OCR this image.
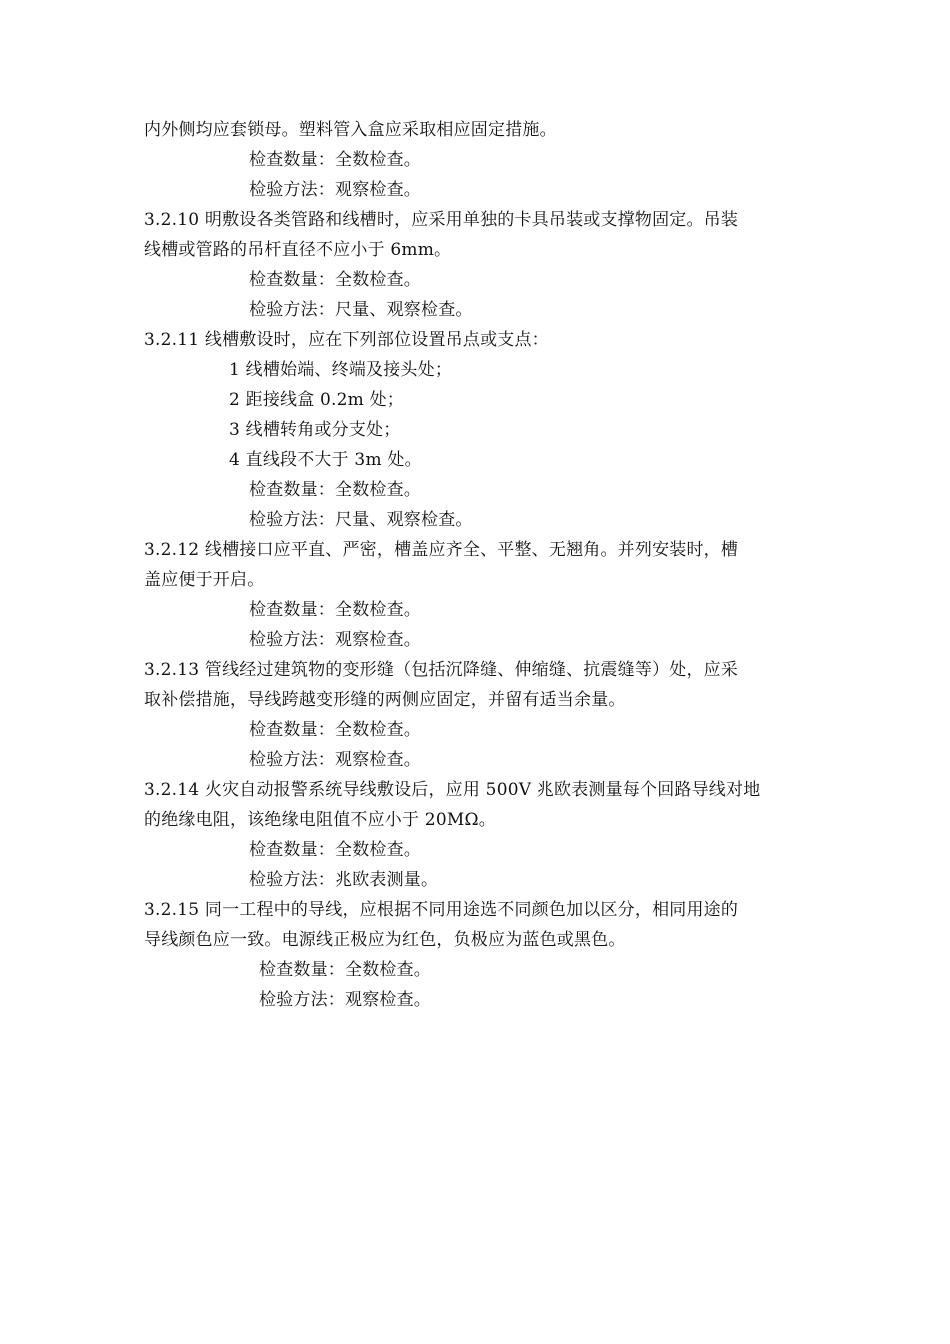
内外侧均应套锁母。塑料管入盒应采取相应固定措施。
检查数量：全数检查。
检验方法：观察检查。
3.2.10 明敷设各类管路和线槽时，应采用单独的卡具吊装或支撑物固定。吊装
线槽或管路的吊杆直径不应小于 6mm。
检查数量：全数检查。
检验方法：尺量、观察检查。
3.2.11 线槽敷设时，应在下列部位设置吊点或支点：
1 线槽始端、终端及接头处；
2 距接线盒 0.2m 处；
3 线槽转角或分支处；
4 直线段不大于 3m 处。
检查数量：全数检查。
检验方法：尺量、观察检查。
3.2.12 线槽接口应平直、严密，槽盖应齐全、平整、无翘角。并列安装时，槽
盖应便于开启。
检查数量：全数检查。
检验方法：观察检查。
3.2.13 管线经过建筑物的变形缝（包括沉降缝、伸缩缝、抗震缝等）处，应采
取补偿措施，导线跨越变形缝的两侧应固定，并留有适当余量。
检查数量：全数检查。
检验方法：观察检查。
3.2.14 火灾自动报警系统导线敷设后，应用 500V 兆欧表测量每个回路导线对地
的绝缘电阻，该绝缘电阻值不应小于 20MΩ。
检查数量：全数检查。
检验方法：兆欧表测量。
3.2.15 同一工程中的导线，应根据不同用途选不同颜色加以区分，相同用途的
导线颜色应一致。电源线正极应为红色，负极应为蓝色或黑色。
检查数量：全数检查。
检验方法：观察检查。
